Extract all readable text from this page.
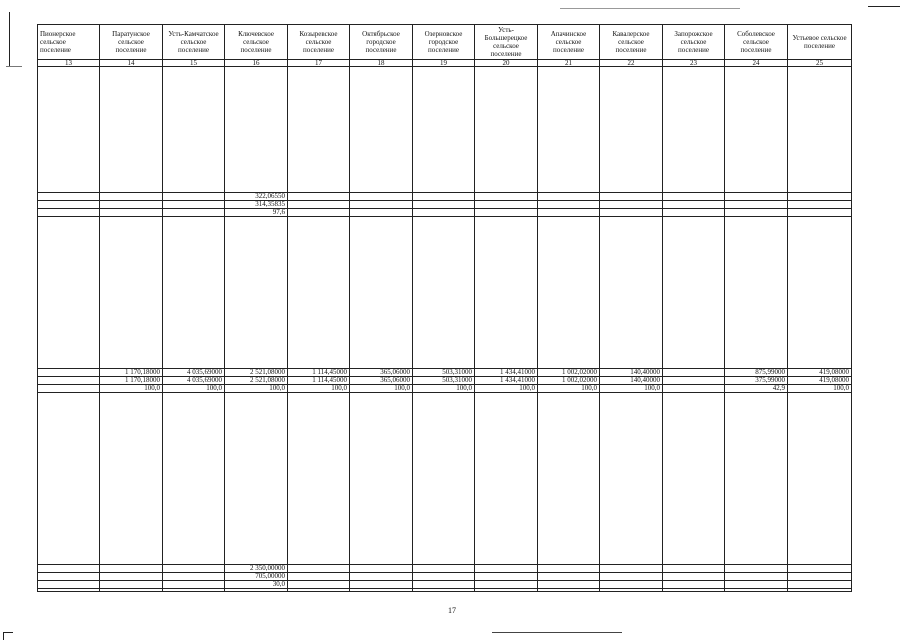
Пионерское сельское поселение	Паратунское сельское поселение	Усть-Камчатское сельское поселение	Ключевское сельское поселение	Козыревское сельское поселение	Октябрьское городское поселение	Озерновское городское поселение	Усть-Большерецкое сельское поселение	Апачинское сельское поселение	Кавалерское сельское поселение	Запорожское сельское поселение	Соболевское сельское поселение	Устьевое сельское поселение
13	14	15	16	17	18	19	20	21	22	23	24	25

			322,06550									
			314,35835									
			97,6									

	1 170,18000	4 035,69000	2 521,08000	1 114,45000	365,06000	503,31000	1 434,41000	1 002,02000	140,40000		875,99000	419,08000
	1 170,18000	4 035,69000	2 521,08000	1 114,45000	365,06000	503,31000	1 434,41000	1 002,02000	140,40000		375,99000	419,08000
	100,0	100,0	100,0	100,0	100,0	100,0	100,0	100,0	100,0		42,9	100,0

			2 350,00000									
			705,00000									
			30,0									

17
